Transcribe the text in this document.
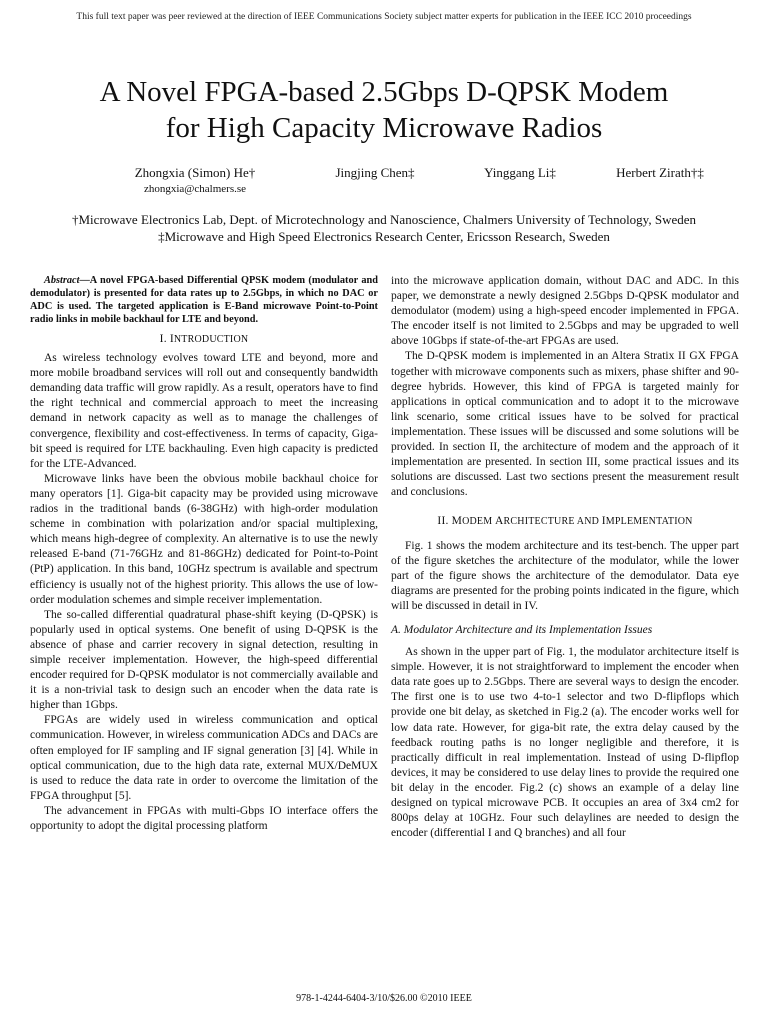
This full text paper was peer reviewed at the direction of IEEE Communications Society subject matter experts for publication in the IEEE ICC 2010 proceedings
A Novel FPGA-based 2.5Gbps D-QPSK Modem
for High Capacity Microwave Radios
Zhongxia (Simon) He†
zhongxia@chalmers.se
Jingjing Chen‡	Yinggang Li‡	Herbert Zirath†‡
†Microwave Electronics Lab, Dept. of Microtechnology and Nanoscience, Chalmers University of Technology, Sweden
‡Microwave and High Speed Electronics Research Center, Ericsson Research, Sweden

Abstract—A novel FPGA-based Differential QPSK modem (modulator and demodulator) is presented for data rates up to 2.5Gbps, in which no DAC or ADC is used. The targeted application is E-Band microwave Point-to-Point radio links in mobile backhaul for LTE and beyond.

I. INTRODUCTION

As wireless technology evolves toward LTE and beyond, more and more mobile broadband services will roll out and consequently bandwidth demanding data traffic will grow rapidly. As a result, operators have to find the right technical and commercial approach to meet the increasing demand in network capacity as well as to manage the challenges of convergence, flexibility and cost-effectiveness. In terms of capacity, Giga-bit speed is required for LTE backhauling. Even high capacity is predicted for the LTE-Advanced.

Microwave links have been the obvious mobile backhaul choice for many operators [1]. Giga-bit capacity may be provided using microwave radios in the traditional bands (6-38GHz) with high-order modulation scheme in combination with polarization and/or spacial multiplexing, which means high-degree of complexity. An alternative is to use the newly released E-band (71-76GHz and 81-86GHz) dedicated for Point-to-Point (PtP) application. In this band, 10GHz spectrum is available and spectrum efficiency is usually not of the highest priority. This allows the use of low-order modulation schemes and simple receiver implementation.

The so-called differential quadratural phase-shift keying (D-QPSK) is popularly used in optical systems. One benefit of using D-QPSK is the absence of phase and carrier recovery in signal detection, resulting in simple receiver implementation. However, the high-speed differential encoder required for D-QPSK modulator is not commercially available and it is a non-trivial task to design such an encoder when the data rate is higher than 1Gbps.

FPGAs are widely used in wireless communication and optical communication. However, in wireless communication ADCs and DACs are often employed for IF sampling and IF signal generation [3] [4]. While in optical communication, due to the high data rate, external MUX/DeMUX is used to reduce the data rate in order to overcome the limitation of the FPGA throughput [5].

The advancement in FPGAs with multi-Gbps IO interface offers the opportunity to adopt the digital processing platform

into the microwave application domain, without DAC and ADC. In this paper, we demonstrate a newly designed 2.5Gbps D-QPSK modulator and demodulator (modem) using a high-speed encoder implemented in FPGA. The encoder itself is not limited to 2.5Gbps and may be upgraded to well above 10Gbps if state-of-the-art FPGAs are used.

The D-QPSK modem is implemented in an Altera Stratix II GX FPGA together with microwave components such as mixers, phase shifter and 90-degree hybrids. However, this kind of FPGA is targeted mainly for applications in optical communication and to adopt it to the microwave link scenario, some critical issues have to be solved for practical implementation. These issues will be discussed and some solutions will be provided. In section II, the architecture of modem and the approach of it implementation are presented. In section III, some practical issues and its solutions are discussed. Last two sections present the measurement result and conclusions.

II. MODEM ARCHITECTURE AND IMPLEMENTATION

Fig. 1 shows the modem architecture and its test-bench. The upper part of the figure sketches the architecture of the modulator, while the lower part of the figure shows the architecture of the demodulator. Data eye diagrams are presented for the probing points indicated in the figure, which will be discussed in detail in IV.

A. Modulator Architecture and its Implementation Issues

As shown in the upper part of Fig. 1, the modulator architecture itself is simple. However, it is not straightforward to implement the encoder when data rate goes up to 2.5Gbps. There are several ways to design the encoder. The first one is to use two 4-to-1 selector and two D-flipflops which provide one bit delay, as sketched in Fig.2 (a). The encoder works well for low data rate. However, for giga-bit rate, the extra delay caused by the feedback routing paths is no longer negligible and therefore, it is practically difficult in real implementation. Instead of using D-flipflop devices, it may be considered to use delay lines to provide the required one bit delay in the encoder. Fig.2 (c) shows an example of a delay line designed on typical microwave PCB. It occupies an area of 3x4 cm2 for 800ps delay at 10GHz. Four such delaylines are needed to design the encoder (differential I and Q branches) and all four

978-1-4244-6404-3/10/$26.00 ©2010 IEEE
